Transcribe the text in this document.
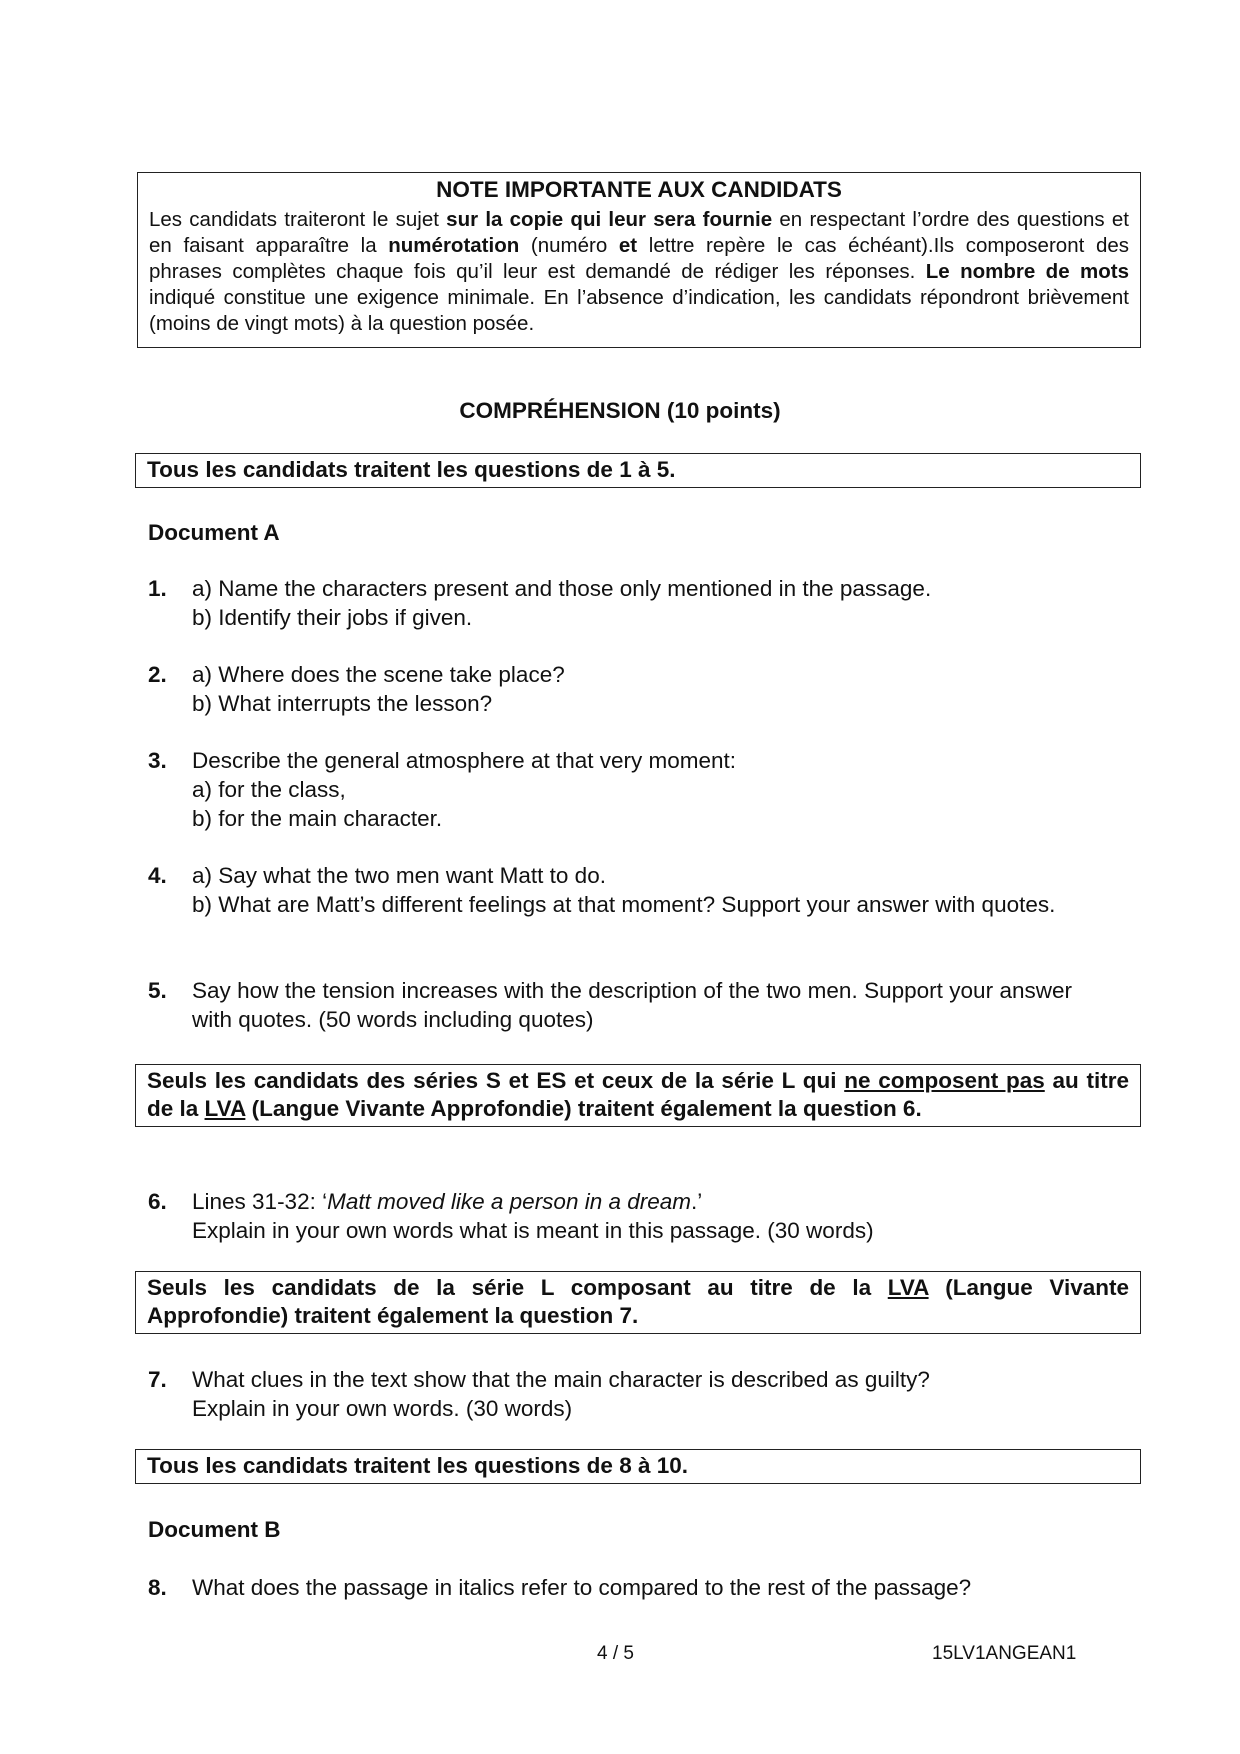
NOTE IMPORTANTE AUX CANDIDATS
Les candidats traiteront le sujet sur la copie qui leur sera fournie en respectant l’ordre des questions et en faisant apparaître la numérotation (numéro et lettre repère le cas échéant).Ils composeront des phrases complètes chaque fois qu’il leur est demandé de rédiger les réponses. Le nombre de mots indiqué constitue une exigence minimale. En l’absence d’indication, les candidats répondront brièvement (moins de vingt mots) à la question posée.
COMPRÉHENSION (10 points)
Tous les candidats traitent les questions de 1 à 5.
Document A
1. a) Name the characters present and those only mentioned in the passage.
b) Identify their jobs if given.
2. a) Where does the scene take place?
b) What interrupts the lesson?
3. Describe the general atmosphere at that very moment:
a) for the class,
b) for the main character.
4. a) Say what the two men want Matt to do.
b) What are Matt’s different feelings at that moment? Support your answer with quotes.
5. Say how the tension increases with the description of the two men. Support your answer with quotes. (50 words including quotes)
Seuls les candidats des séries S et ES et ceux de la série L qui ne composent pas au titre de la LVA (Langue Vivante Approfondie) traitent également la question 6.
6. Lines 31-32: ‘Matt moved like a person in a dream.’
Explain in your own words what is meant in this passage. (30 words)
Seuls les candidats de la série L composant au titre de la LVA (Langue Vivante Approfondie) traitent également la question 7.
7. What clues in the text show that the main character is described as guilty?
Explain in your own words. (30 words)
Tous les candidats traitent les questions de 8 à 10.
Document B
8. What does the passage in italics refer to compared to the rest of the passage?
4 / 5	15LV1ANGEAN1
